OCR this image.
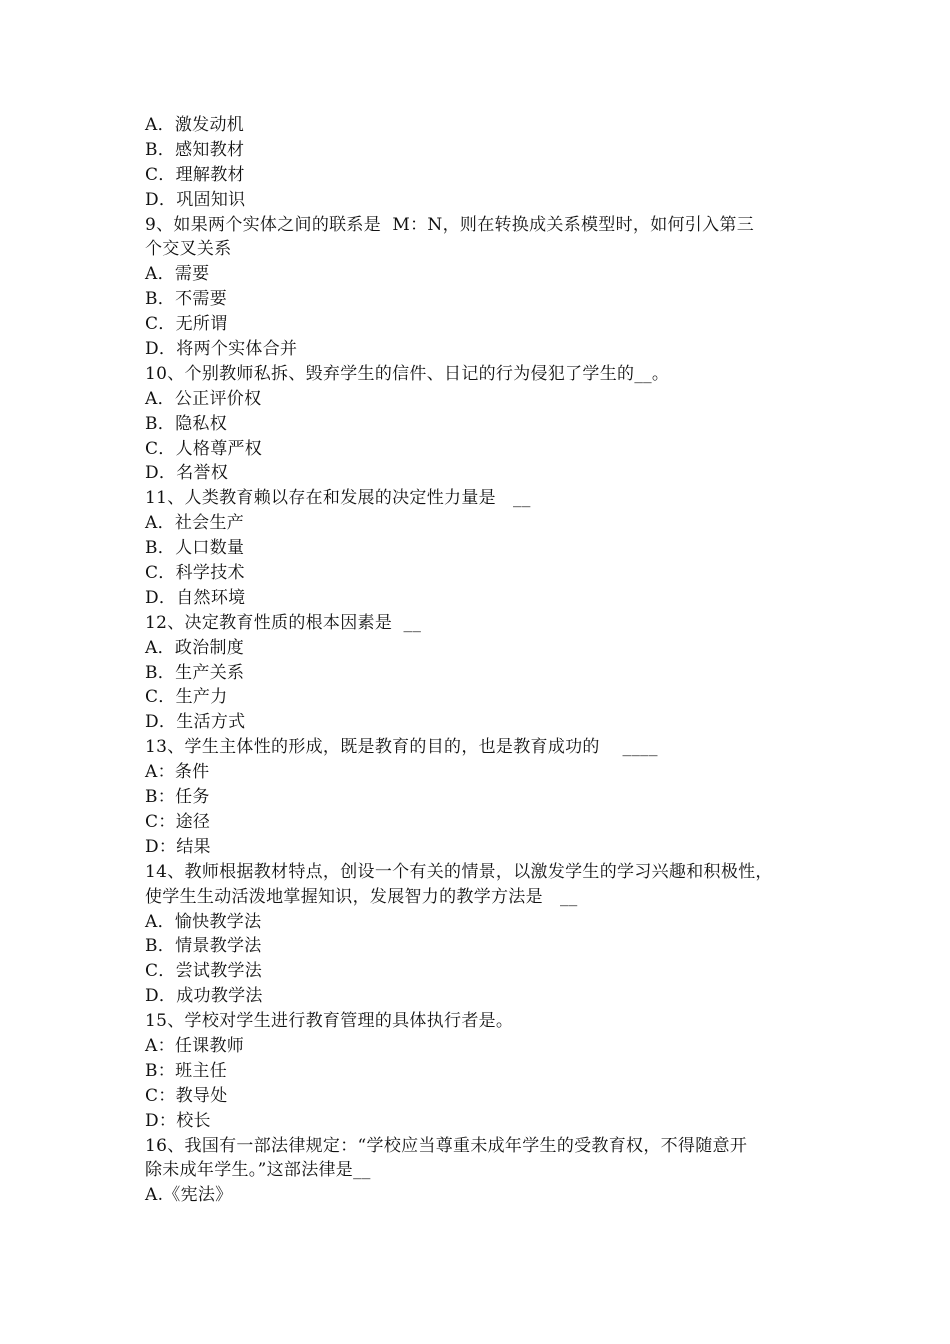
A．激发动机
B．感知教材
C．理解教材
D．巩固知识
9、如果两个实体之间的联系是  M：N，则在转换成关系模型时，如何引入第三
个交叉关系
A．需要
B．不需要
C．无所谓
D．将两个实体合并
10、个别教师私拆、毁弃学生的信件、日记的行为侵犯了学生的__。
A．公正评价权
B．隐私权
C．人格尊严权
D．名誉权
11、人类教育赖以存在和发展的决定性力量是   __
A．社会生产
B．人口数量
C．科学技术
D．自然环境
12、决定教育性质的根本因素是  __
A．政治制度
B．生产关系
C．生产力
D．生活方式
13、学生主体性的形成，既是教育的目的，也是教育成功的    ____
A：条件
B：任务
C：途径
D：结果
14、教师根据教材特点，创设一个有关的情景，以激发学生的学习兴趣和积极性，
使学生生动活泼地掌握知识，发展智力的教学方法是   __
A．愉快教学法
B．情景教学法
C．尝试教学法
D．成功教学法
15、学校对学生进行教育管理的具体执行者是。
A：任课教师
B：班主任
C：教导处
D：校长
16、我国有一部法律规定：“学校应当尊重未成年学生的受教育权，不得随意开
除未成年学生。”这部法律是__
A.《宪法》
